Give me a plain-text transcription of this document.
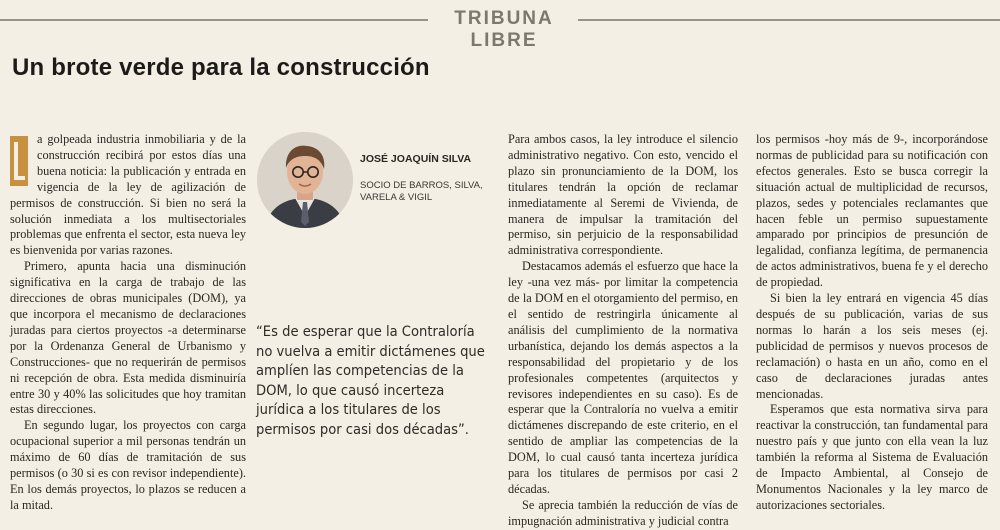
TRIBUNA LIBRE
Un brote verde para la construcción

a golpeada industria inmobiliaria y de la construcción recibirá por estos días una buena noticia: la publicación y entrada en vigencia de la ley de agilización de permisos de construcción. Si bien no será la solución inmediata a los multisectoriales problemas que enfrenta el sector, esta nueva ley es bienvenida por varias razones.

Primero, apunta hacia una disminución significativa en la carga de trabajo de las direcciones de obras municipales (DOM), ya que incorpora el mecanismo de declaraciones juradas para ciertos proyectos -a determinarse por la Ordenanza General de Urbanismo y Construcciones- que no requerirán de permisos ni recepción de obra. Esta medida disminuiría entre 30 y 40% las solicitudes que hoy tramitan estas direcciones.

En segundo lugar, los proyectos con carga ocupacional superior a mil personas tendrán un máximo de 60 días de tramitación de sus permisos (o 30 si es con revisor independiente). En los demás proyectos, lo plazos se reducen a la mitad.

JOSÉ JOAQUÍN SILVA
SOCIO DE BARROS, SILVA, VARELA & VIGIL

“Es de esperar que la Contraloría no vuelva a emitir dictámenes que amplíen las competencias de la DOM, lo que causó incerteza jurídica a los titulares de los permisos por casi dos décadas”.

Para ambos casos, la ley introduce el silencio administrativo negativo. Con esto, vencido el plazo sin pronunciamiento de la DOM, los titulares tendrán la opción de reclamar inmediatamente al Seremi de Vivienda, de manera de impulsar la tramitación del permiso, sin perjuicio de la responsabilidad administrativa correspondiente.

Destacamos además el esfuerzo que hace la ley -una vez más- por limitar la competencia de la DOM en el otorgamiento del permiso, en el sentido de restringirla únicamente al análisis del cumplimiento de la normativa urbanística, dejando los demás aspectos a la responsabilidad del propietario y de los profesionales competentes (arquitectos y revisores independientes en su caso). Es de esperar que la Contraloría no vuelva a emitir dictámenes discrepando de este criterio, en el sentido de ampliar las competencias de la DOM, lo cual causó tanta incerteza jurídica para los titulares de permisos por casi 2 décadas.

Se aprecia también la reducción de vías de impugnación administrativa y judicial contra

los permisos -hoy más de 9-, incorporándose normas de publicidad para su notificación con efectos generales. Esto se busca corregir la situación actual de multiplicidad de recursos, plazos, sedes y potenciales reclamantes que hacen feble un permiso supuestamente amparado por principios de presunción de legalidad, confianza legítima, de permanencia de actos administrativos, buena fe y el derecho de propiedad.

Si bien la ley entrará en vigencia 45 días después de su publicación, varias de sus normas lo harán a los seis meses (ej. publicidad de permisos y nuevos procesos de reclamación) o hasta en un año, como en el caso de declaraciones juradas antes mencionadas.

Esperamos que esta normativa sirva para reactivar la construcción, tan fundamental para nuestro país y que junto con ella vean la luz también la reforma al Sistema de Evaluación de Impacto Ambiental, al Consejo de Monumentos Nacionales y la ley marco de autorizaciones sectoriales.
